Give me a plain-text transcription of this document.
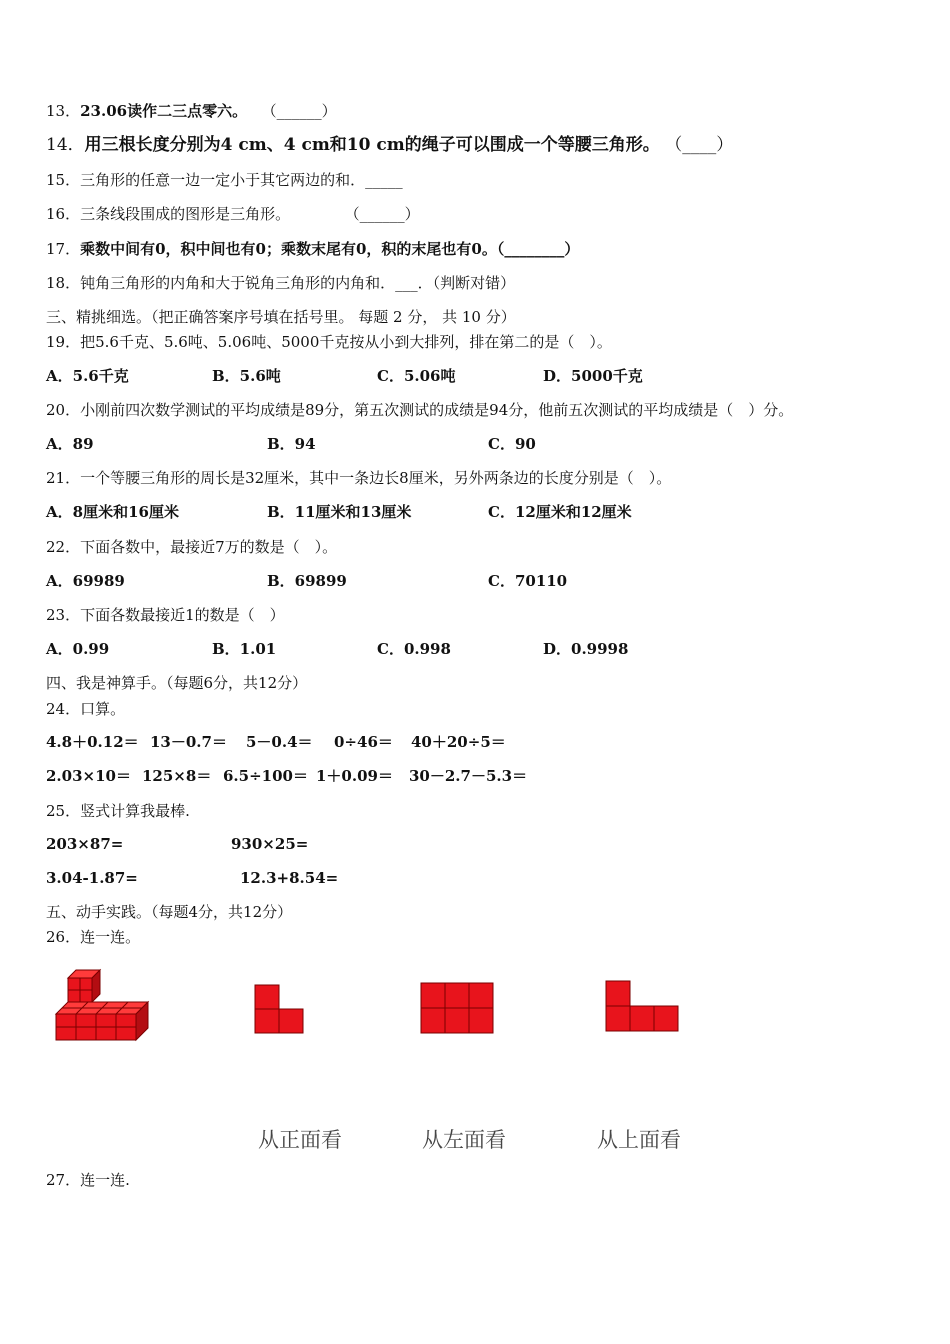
13．23.06读作二三点零六。 （______）
14．用三根长度分别为4 cm、4 cm和10 cm的绳子可以围成一个等腰三角形。 （____）
15．三角形的任意一边一定小于其它两边的和．_____
16．三条线段围成的图形是三角形。	（______）
17．乘数中间有0，积中间也有0；乘数末尾有0，积的末尾也有0。（________）
18．钝角三角形的内角和大于锐角三角形的内角和．___．（判断对错）
三、精挑细选。（把正确答案序号填在括号里。 每题 2 分， 共 10 分）
19．把5.6千克、5.6吨、5.06吨、5000千克按从小到大排列，排在第二的是（　）。
A．5.6千克	B．5.6吨	C．5.06吨	D．5000千克
20．小刚前四次数学测试的平均成绩是89分，第五次测试的成绩是94分，他前五次测试的平均成绩是（　）分。
A．89	B．94	C．90
21．一个等腰三角形的周长是32厘米，其中一条边长8厘米，另外两条边的长度分别是（　）。
A．8厘米和16厘米	B．11厘米和13厘米	C．12厘米和12厘米
22．下面各数中，最接近7万的数是（　）。
A．69989	B．69899	C．70110
23．下面各数最接近1的数是（　）
A．0.99	B．1.01	C．0.998	D．0.9998
四、我是神算手。（每题6分，共12分）
24．口算。
4.8＋0.12＝ 13－0.7＝ 5－0.4＝ 0÷46＝ 40＋20÷5＝
2.03×10＝ 125×8＝ 6.5÷100＝ 1＋0.09＝ 30－2.7－5.3＝
25．竖式计算我最棒.
203×87=	930×25=
3.04-1.87=	12.3+8.54=
五、动手实践。（每题4分，共12分）
26．连一连。
从正面看	从左面看	从上面看
27．连一连.
